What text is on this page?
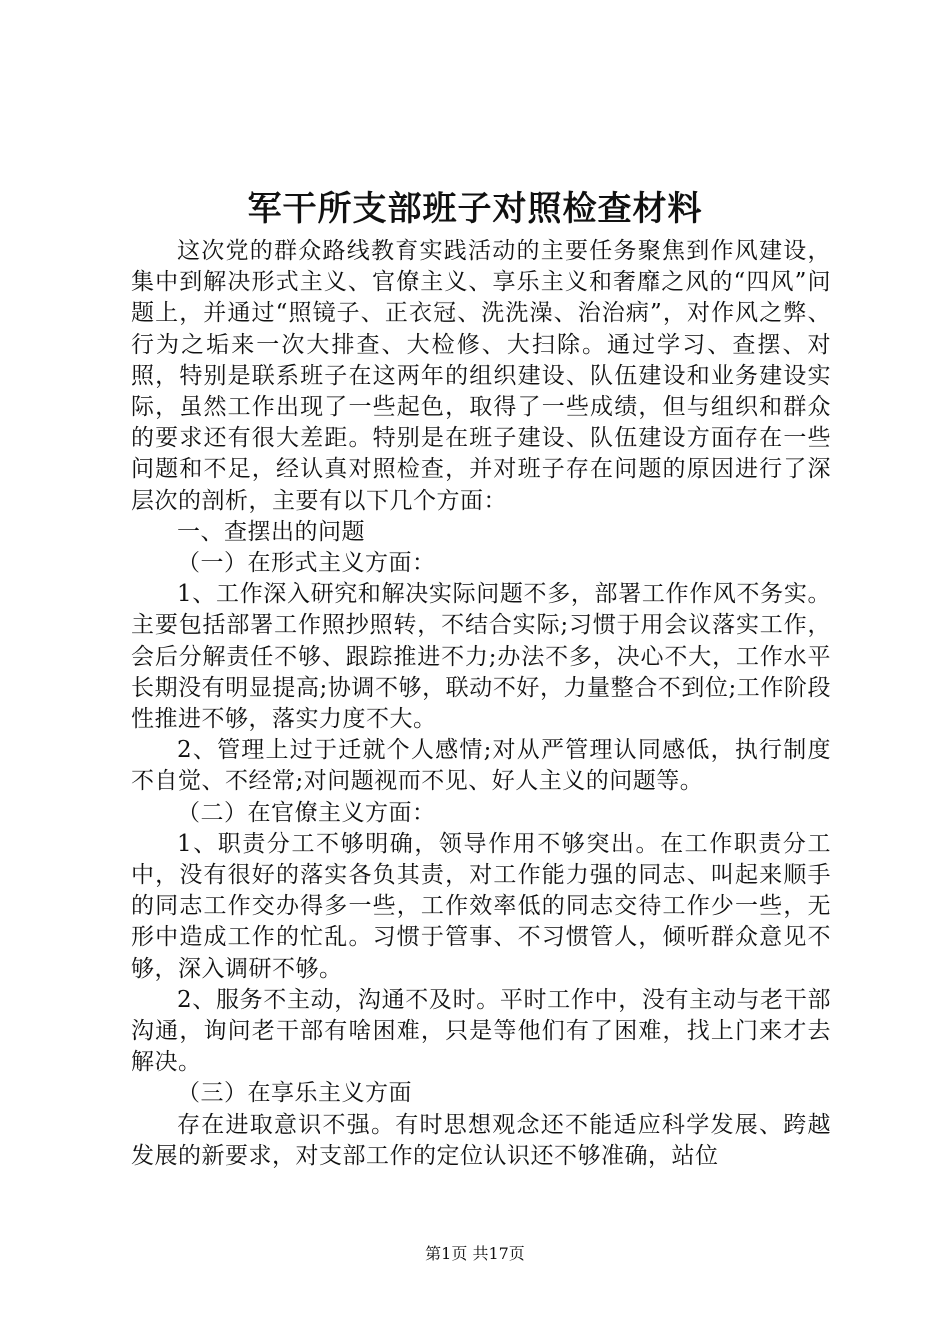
军干所支部班子对照检查材料

这次党的群众路线教育实践活动的主要任务聚焦到作风建设，集中到解决形式主义、官僚主义、享乐主义和奢靡之风的“四风”问题上，并通过“照镜子、正衣冠、洗洗澡、治治病”，对作风之弊、行为之垢来一次大排查、大检修、大扫除。通过学习、查摆、对照，特别是联系班子在这两年的组织建设、队伍建设和业务建设实际，虽然工作出现了一些起色，取得了一些成绩，但与组织和群众的要求还有很大差距。特别是在班子建设、队伍建设方面存在一些问题和不足，经认真对照检查，并对班子存在问题的原因进行了深层次的剖析，主要有以下几个方面：

一、查摆出的问题

（一）在形式主义方面：

1、工作深入研究和解决实际问题不多，部署工作作风不务实。主要包括部署工作照抄照转，不结合实际;习惯于用会议落实工作，会后分解责任不够、跟踪推进不力;办法不多，决心不大，工作水平长期没有明显提高;协调不够，联动不好，力量整合不到位;工作阶段性推进不够，落实力度不大。

2、管理上过于迁就个人感情;对从严管理认同感低，执行制度不自觉、不经常;对问题视而不见、好人主义的问题等。

（二）在官僚主义方面：

1、职责分工不够明确，领导作用不够突出。在工作职责分工中，没有很好的落实各负其责，对工作能力强的同志、叫起来顺手的同志工作交办得多一些，工作效率低的同志交待工作少一些，无形中造成工作的忙乱。习惯于管事、不习惯管人，倾听群众意见不够，深入调研不够。

2、服务不主动，沟通不及时。平时工作中，没有主动与老干部沟通，询问老干部有啥困难，只是等他们有了困难，找上门来才去解决。

（三）在享乐主义方面

存在进取意识不强。有时思想观念还不能适应科学发展、跨越发展的新要求，对支部工作的定位认识还不够准确，站位

第1页 共17页
